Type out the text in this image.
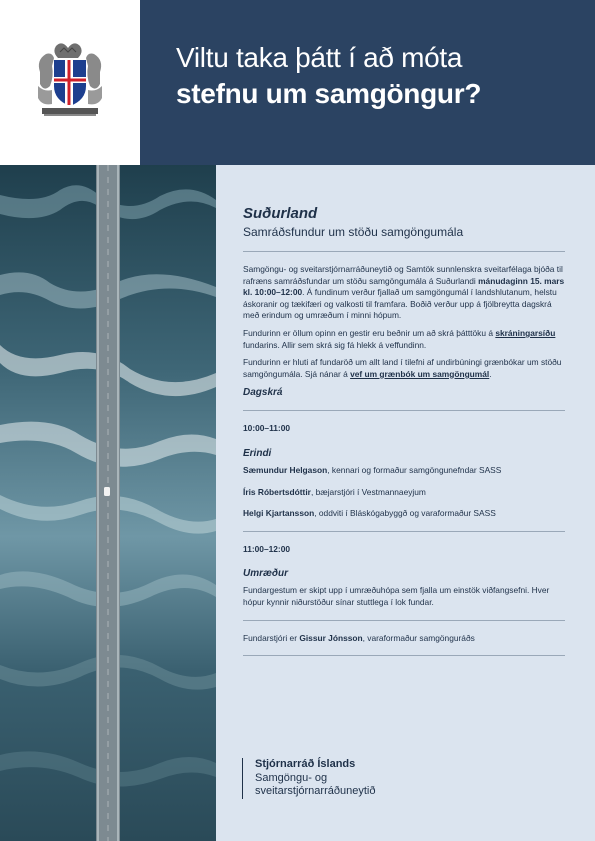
Viltu taka þátt í að móta
stefnu um samgöngur?
Suðurland
Samráðsfundur um stöðu samgöngumála

Samgöngu- og sveitarstjórnarráðuneytið og Samtök sunnlenskra sveitarfélaga bjóða til rafræns samráðsfundar um stöðu samgöngumála á Suðurlandi mánudaginn 15. mars kl. 10:00–12:00. Á fundinum verður fjallað um samgöngumál í landshlutanum, helstu áskoranir og tækifæri og valkosti til framfara. Boðið verður upp á fjölbreytta dagskrá með erindum og umræðum í minni hópum.

Fundurinn er öllum opinn en gestir eru beðnir um að skrá þátttöku á skráningarsíðu fundarins. Allir sem skrá sig fá hlekk á veffundinn.

Fundurinn er hluti af fundaröð um allt land í tilefni af undirbúningi grænbókar um stöðu samgöngumála. Sjá nánar á vef um grænbók um samgöngumál.

Dagskrá
10:00–11:00
Erindi
Sæmundur Helgason, kennari og formaður samgöngunefndar SASS
Íris Róbertsdóttir, bæjarstjóri í Vestmannaeyjum
Helgi Kjartansson, oddviti í Bláskógabyggð og varaformaður SASS
11:00–12:00
Umræður

Fundargestum er skipt upp í umræðuhópa sem fjalla um einstök viðfangsefni. Hver hópur kynnir niðurstöður sínar stuttlega í lok fundar.

Fundarstjóri er Gissur Jónsson, varaformaður samgönguráðs

Stjórnarráð Íslands
Samgöngu- og
sveitarstjórnarráðuneytið
